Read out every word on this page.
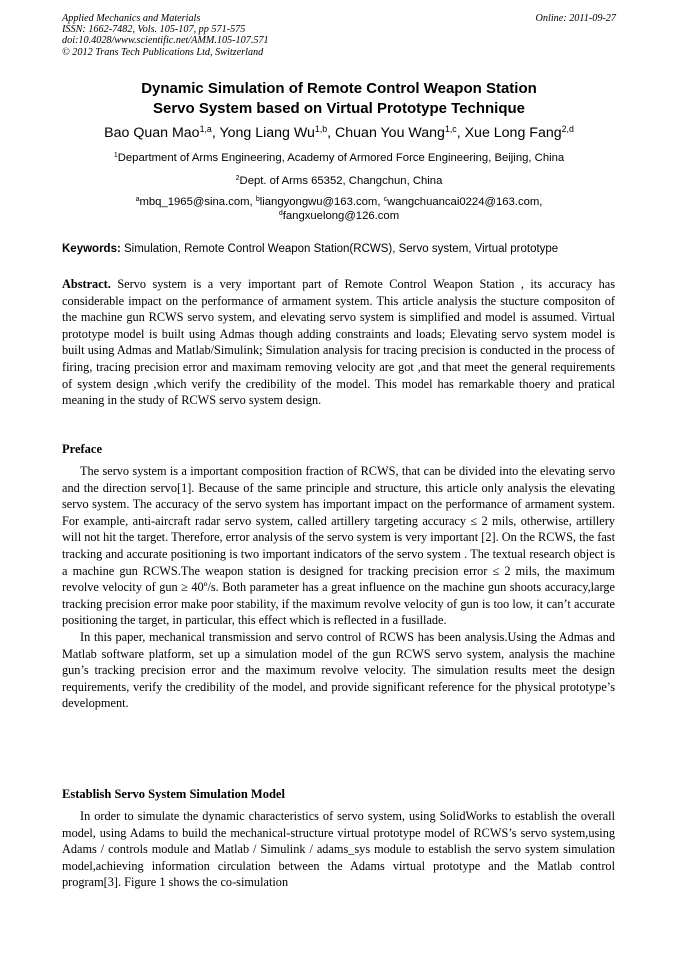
Applied Mechanics and Materials
ISSN: 1662-7482, Vols. 105-107, pp 571-575
doi:10.4028/www.scientific.net/AMM.105-107.571
© 2012 Trans Tech Publications Ltd, Switzerland
Online: 2011-09-27
Dynamic Simulation of Remote Control Weapon Station
Servo System based on Virtual Prototype Technique
Bao Quan Mao$^{1,a}$, Yong Liang Wu$^{1,b}$, Chuan You Wang$^{1,c}$, Xue Long Fang$^{2,d}$
$^1$Department of Arms Engineering, Academy of Armored Force Engineering, Beijing, China
$^2$Dept. of Arms 65352, Changchun, China
$^a$mbq_1965@sina.com, $^b$liangyongwu@163.com, $^c$wangchuancai0224@163.com,
$^d$fangxuelong@126.com
Keywords: Simulation, Remote Control Weapon Station(RCWS), Servo system, Virtual prototype

Abstract. Servo system is a very important part of Remote Control Weapon Station , its accuracy has considerable impact on the performance of armament system. This article analysis the stucture compositon of the machine gun RCWS servo system, and elevating servo system is simplified and model is assumed. Virtual prototype model is built using Admas though adding constraints and loads; Elevating servo system model is built using Admas and Matlab/Simulink; Simulation analysis for tracing precision is conducted in the process of firing, tracing precision error and maximam removing velocity are got ,and that meet the general requirements of system design ,which verify the credibility of the model. This model has remarkable thoery and pratical meaning in the study of RCWS servo system design.

Preface

The servo system is a important composition fraction of RCWS, that can be divided into the elevating servo and the direction servo[1]. Because of the same principle and structure, this article only analysis the elevating servo system. The accuracy of the servo system has important impact on the performance of armament system. For example, anti-aircraft radar servo system, called artillery targeting accuracy ≤ 2 mils, otherwise, artillery will not hit the target. Therefore, error analysis of the servo system is very important [2]. On the RCWS, the fast tracking and accurate positioning is two important indicators of the servo system . The textual research object is a machine gun RCWS.The weapon station is designed for tracking precision error ≤ 2 mils, the maximum revolve velocity of gun ≥ 40º/s. Both parameter has a great influence on the machine gun shoots accuracy,large tracking precision error make poor stability, if the maximum revolve velocity of gun is too low, it can’t accurate positioning the target, in particular, this effect which is reflected in a fusillade.

In this paper, mechanical transmission and servo control of RCWS has been analysis.Using the Admas and Matlab software platform, set up a simulation model of the gun RCWS servo system, analysis the machine gun’s tracking precision error and the maximum revolve velocity. The simulation results meet the design requirements, verify the credibility of the model, and provide significant reference for the physical prototype’s development.

Establish Servo System Simulation Model

In order to simulate the dynamic characteristics of servo system, using SolidWorks to establish the overall model, using Adams to build the mechanical-structure virtual prototype model of RCWS’s servo system,using Adams / controls module and Matlab / Simulink / adams_sys module to establish the servo system simulation model,achieving information circulation between the Adams virtual prototype and the Matlab control program[3]. Figure 1 shows the co-simulation
